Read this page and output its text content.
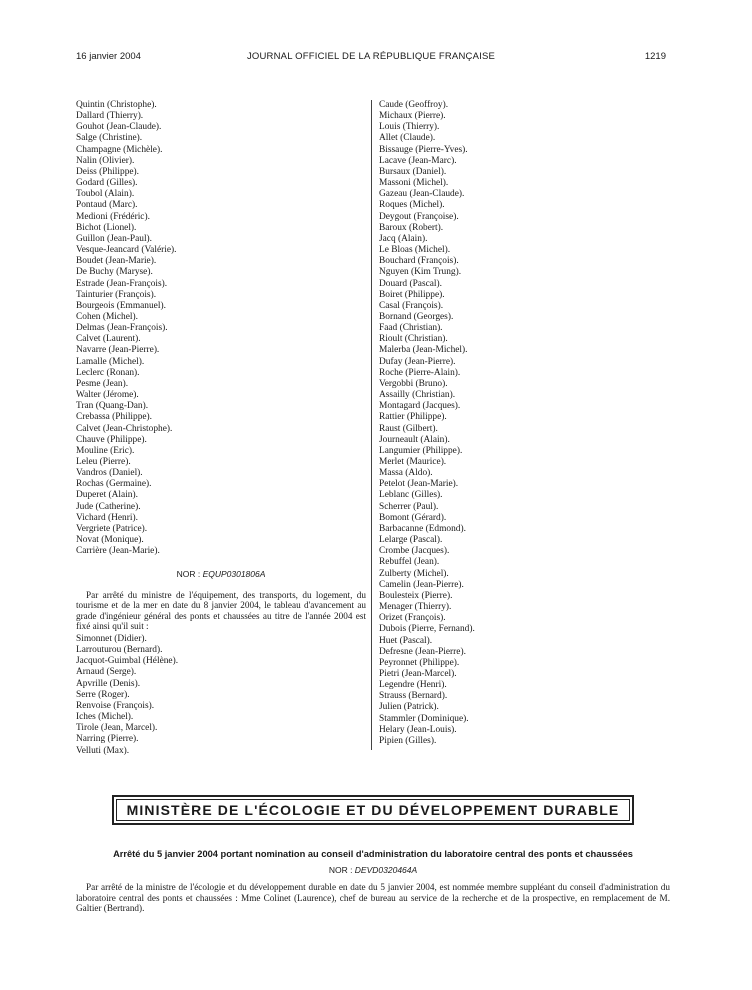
16 janvier 2004	JOURNAL OFFICIEL DE LA RÉPUBLIQUE FRANÇAISE	1219
Quintin (Christophe).
Dallard (Thierry).
Gouhot (Jean-Claude).
Salge (Christine).
Champagne (Michèle).
Nalin (Olivier).
Deiss (Philippe).
Godard (Gilles).
Toubol (Alain).
Pontaud (Marc).
Medioni (Frédéric).
Bichot (Lionel).
Guillon (Jean-Paul).
Vesque-Jeancard (Valérie).
Boudet (Jean-Marie).
De Buchy (Maryse).
Estrade (Jean-François).
Tainturier (François).
Bourgeois (Emmanuel).
Cohen (Michel).
Delmas (Jean-François).
Calvet (Laurent).
Navarre (Jean-Pierre).
Lamalle (Michel).
Leclerc (Ronan).
Pesme (Jean).
Walter (Jérome).
Tran (Quang-Dan).
Crebassa (Philippe).
Calvet (Jean-Christophe).
Chauve (Philippe).
Mouline (Eric).
Leleu (Pierre).
Vandros (Daniel).
Rochas (Germaine).
Duperet (Alain).
Jude (Catherine).
Vichard (Henri).
Vergriete (Patrice).
Novat (Monique).
Carrière (Jean-Marie).
NOR : EQUP0301806A
Par arrêté du ministre de l'équipement, des transports, du logement, du tourisme et de la mer en date du 8 janvier 2004, le tableau d'avancement au grade d'ingénieur général des ponts et chaussées au titre de l'année 2004 est fixé ainsi qu'il suit :
Simonnet (Didier).
Larrouturou (Bernard).
Jacquot-Guimbal (Hélène).
Arnaud (Serge).
Apvrille (Denis).
Serre (Roger).
Renvoise (François).
Iches (Michel).
Tirole (Jean, Marcel).
Narring (Pierre).
Velluti (Max).
Caude (Geoffroy).
Michaux (Pierre).
Louis (Thierry).
Allet (Claude).
Bissauge (Pierre-Yves).
Lacave (Jean-Marc).
Bursaux (Daniel).
Massoni (Michel).
Gazeau (Jean-Claude).
Roques (Michel).
Deygout (Françoise).
Baroux (Robert).
Jacq (Alain).
Le Bloas (Michel).
Bouchard (François).
Nguyen (Kim Trung).
Douard (Pascal).
Boiret (Philippe).
Casal (François).
Bornand (Georges).
Faad (Christian).
Rioult (Christian).
Malerba (Jean-Michel).
Dufay (Jean-Pierre).
Roche (Pierre-Alain).
Vergobbi (Bruno).
Assailly (Christian).
Montagard (Jacques).
Rattier (Philippe).
Raust (Gilbert).
Journeault (Alain).
Langumier (Philippe).
Merlet (Maurice).
Massa (Aldo).
Petelot (Jean-Marie).
Leblanc (Gilles).
Scherrer (Paul).
Bomont (Gérard).
Barbacanne (Edmond).
Lelarge (Pascal).
Crombe (Jacques).
Rebuffel (Jean).
Zulberty (Michel).
Camelin (Jean-Pierre).
Boulesteix (Pierre).
Menager (Thierry).
Orizet (François).
Dubois (Pierre, Fernand).
Huet (Pascal).
Defresne (Jean-Pierre).
Peyronnet (Philippe).
Pietri (Jean-Marcel).
Legendre (Henri).
Strauss (Bernard).
Julien (Patrick).
Stammler (Dominique).
Helary (Jean-Louis).
Pipien (Gilles).
MINISTÈRE DE L'ÉCOLOGIE ET DU DÉVELOPPEMENT DURABLE
Arrêté du 5 janvier 2004 portant nomination au conseil d'administration du laboratoire central des ponts et chaussées
NOR : DEVD0320464A
Par arrêté de la ministre de l'écologie et du développement durable en date du 5 janvier 2004, est nommée membre suppléant du conseil d'administration du laboratoire central des ponts et chaussées : Mme Colinet (Laurence), chef de bureau au service de la recherche et de la prospective, en remplacement de M. Galtier (Bertrand).
